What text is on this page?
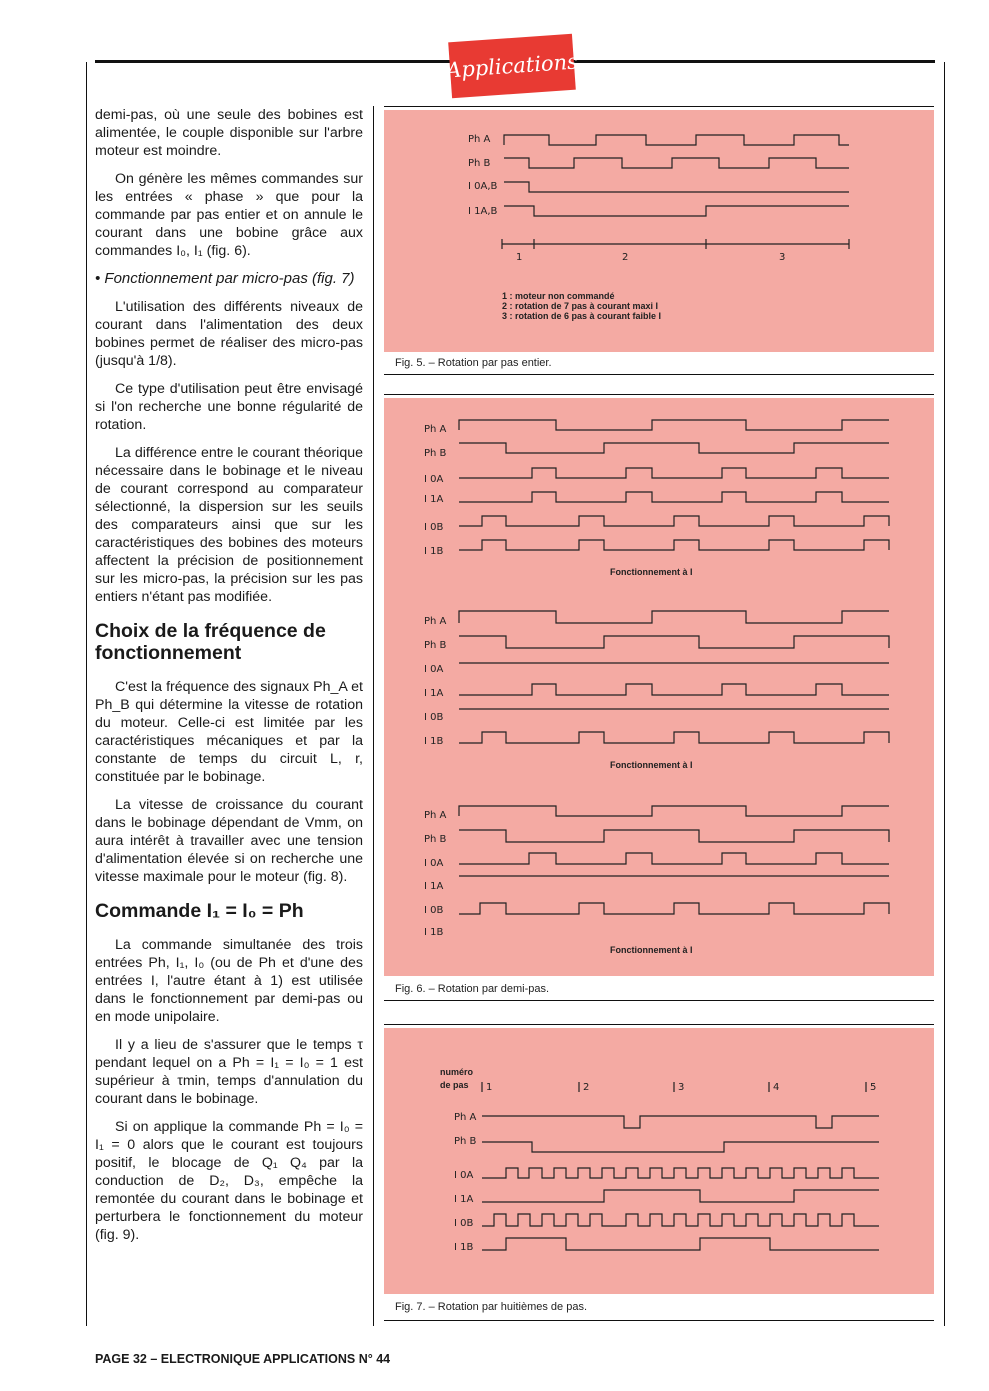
Applications

demi-pas, où une seule des bobines est alimentée, le couple disponible sur l'arbre moteur est moindre.

On génère les mêmes commandes sur les entrées « phase » que pour la commande par pas entier et on annule le courant dans une bobine grâce aux commandes I₀, I₁ (fig. 6).

• Fonctionnement par micro-pas (fig. 7)

L'utilisation des différents niveaux de courant dans l'alimentation des deux bobines permet de réaliser des micro-pas (jusqu'à 1/8).

Ce type d'utilisation peut être envisagé si l'on recherche une bonne régularité de rotation.

La différence entre le courant théorique nécessaire dans le bobinage et le niveau de courant correspond au comparateur sélectionné, la dispersion sur les seuils des comparateurs ainsi que sur les caractéristiques des bobines des moteurs affectent la précision de positionnement sur les micro-pas, la précision sur les pas entiers n'étant pas modifiée.

Choix de la fréquence de fonctionnement

C'est la fréquence des signaux Ph_A et Ph_B qui détermine la vitesse de rotation du moteur. Celle-ci est limitée par les caractéristiques mécaniques et par la constante de temps du circuit L, r, constituée par le bobinage.

La vitesse de croissance du courant dans le bobinage dépendant de Vmm, on aura intérêt à travailler avec une tension d'alimentation élevée si on recherche une vitesse maximale pour le moteur (fig. 8).

Commande I₁ = I₀ = Ph

La commande simultanée des trois entrées Ph, I₁, I₀ (ou de Ph et d'une des entrées I, l'autre étant à 1) est utilisée dans le fonctionnement par demi-pas ou en mode unipolaire.

Il y a lieu de s'assurer que le temps τ pendant lequel on a Ph = I₁ = I₀ = 1 est supérieur à τmin, temps d'annulation du courant dans le bobinage.

Si on applique la commande Ph = I₀ = I₁ = 0 alors que le courant est toujours positif, le blocage de Q₁ Q₄ par la conduction de D₂, D₃, empêche la remontée du courant dans le bobinage et perturbera le fonctionnement du moteur (fig. 9).

Ph A
Ph B
I 0A,B
I 1A,B
1	2	3
1 : moteur non commandé
2 : rotation de 7 pas à courant maxi I
3 : rotation de 6 pas à courant faible I
Fig. 5. – Rotation par pas entier.
Ph A
Ph B
I 0A
I 1A
I 0B
I 1B
Fonctionnement à I
Ph A
Ph B
I 0A
I 1A
I 0B
I 1B
Fonctionnement à I
Ph A
Ph B
I 0A
I 1A
I 0B
I 1B
Fonctionnement à I
Fig. 6. – Rotation par demi-pas.
numéro
de pas 1	2	3	4	5
Ph A
Ph B
I 0A
I 1A
I 0B
I 1B
Fig. 7. – Rotation par huitièmes de pas.
PAGE 32 – ELECTRONIQUE APPLICATIONS N° 44
